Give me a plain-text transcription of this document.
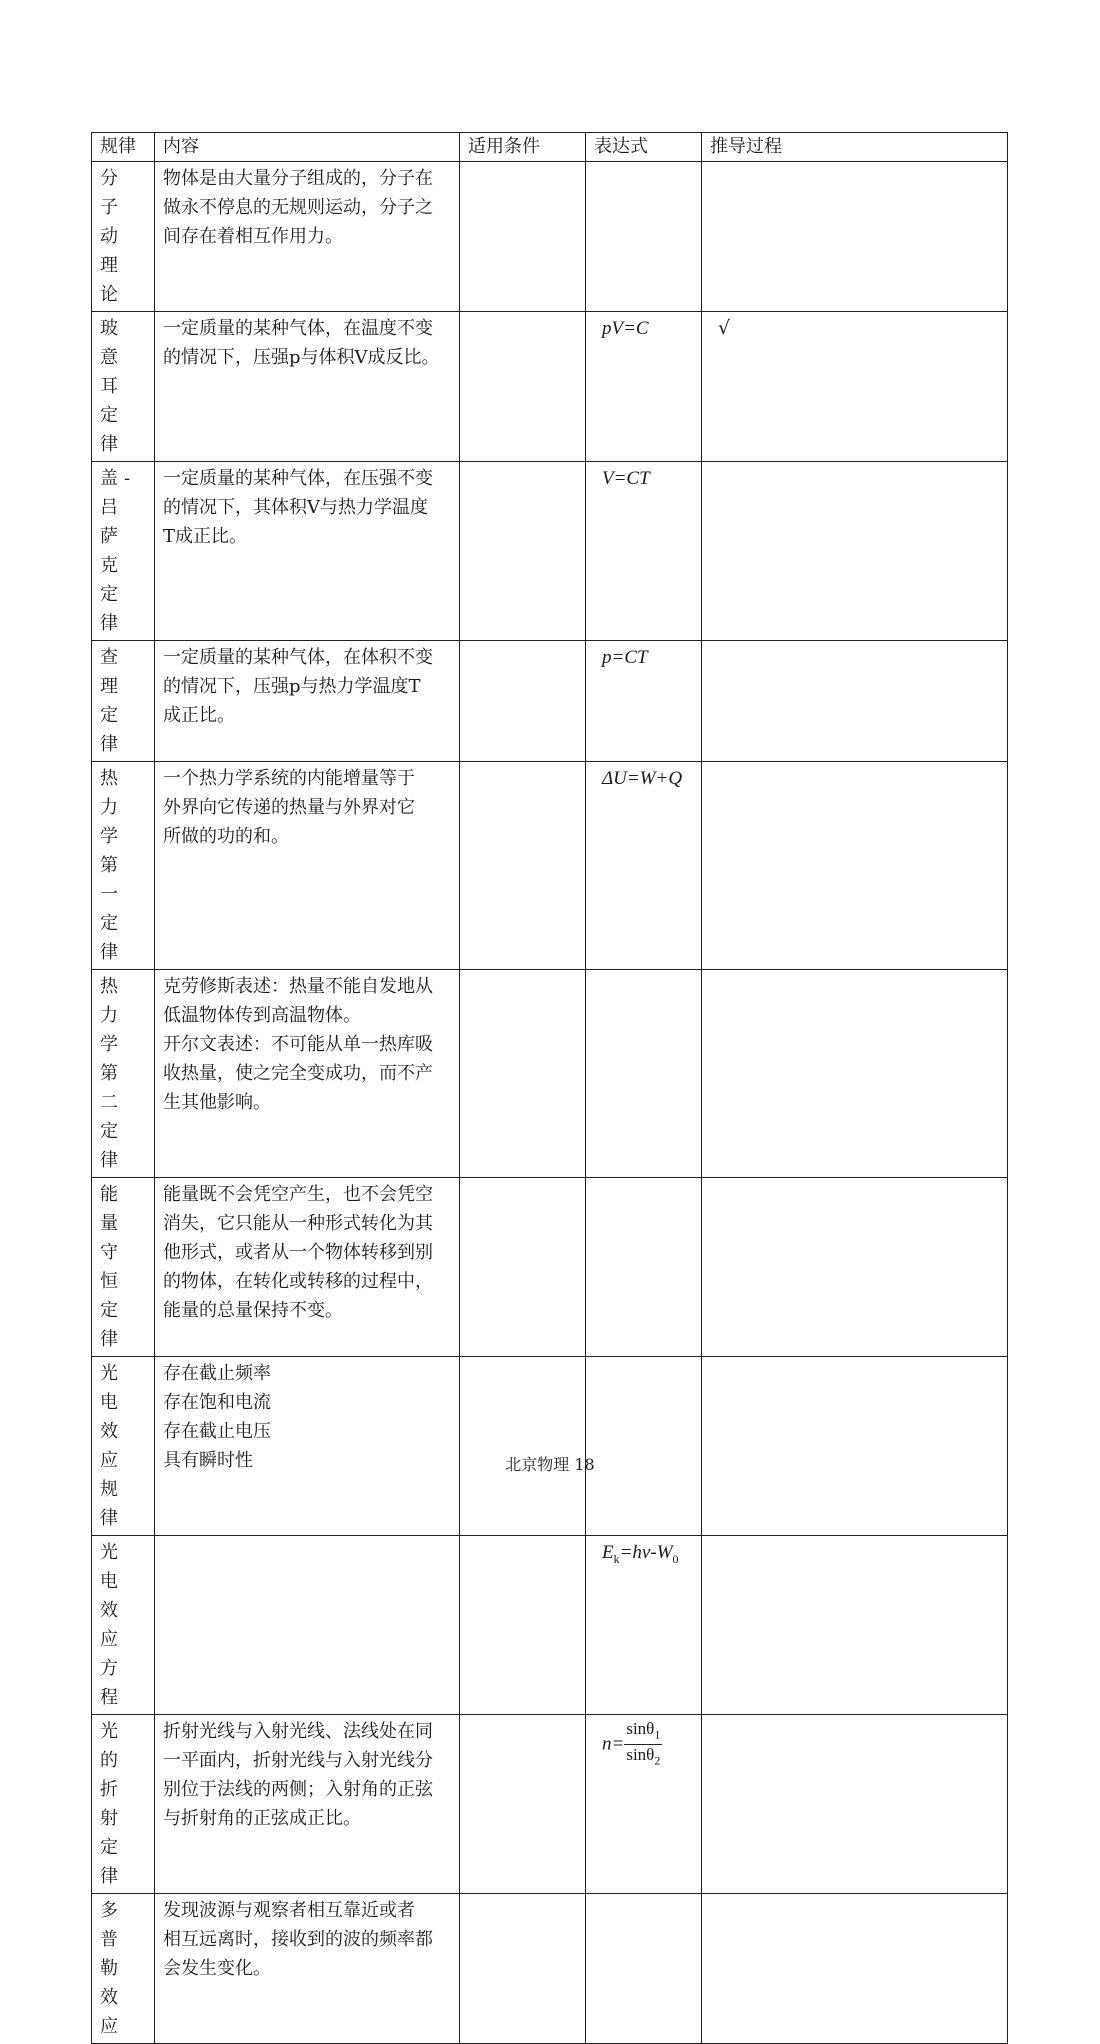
规律	内容	适用条件	表达式	推导过程
分子动理论	物体是由大量分子组成的，分子在
做永不停息的无规则运动，分子之
间存在着相互作用力。			

玻意耳定律	一定质量的某种气体，在温度不变
的情况下，压强p与体积V成反比。		pV=C	√

盖-吕萨克定律	一定质量的某种气体，在压强不变
的情况下，其体积V与热力学温度
T成正比。		V=CT	

查理定律	一定质量的某种气体，在体积不变
的情况下，压强p与热力学温度T
成正比。		p=CT	

热力学第一定律	一个热力学系统的内能增量等于
外界向它传递的热量与外界对它
所做的功的和。		ΔU=W+Q	

热力学第二定律	克劳修斯表述：热量不能自发地从
低温物体传到高温物体。
开尔文表述：不可能从单一热库吸
收热量，使之完全变成功，而不产
生其他影响。			

能量守恒定律	能量既不会凭空产生，也不会凭空
消失，它只能从一种形式转化为其
他形式，或者从一个物体转移到别
的物体，在转化或转移的过程中，
能量的总量保持不变。			

光电效应规律	存在截止频率
存在饱和电流
存在截止电压
具有瞬时性			

光电效应方程			$E_k=h\nu-W_0$

光的折射定律	折射光线与入射光线、法线处在同
一平面内，折射光线与入射光线分
别位于法线的两侧；入射角的正弦
与折射角的正弦成正比。		$n= \frac{\sin\theta_1}{\sin\theta_2}$

多普勒效应	发现波源与观察者相互靠近或者
相互远离时，接收到的波的频率都
会发生变化。			

北京物理 18
